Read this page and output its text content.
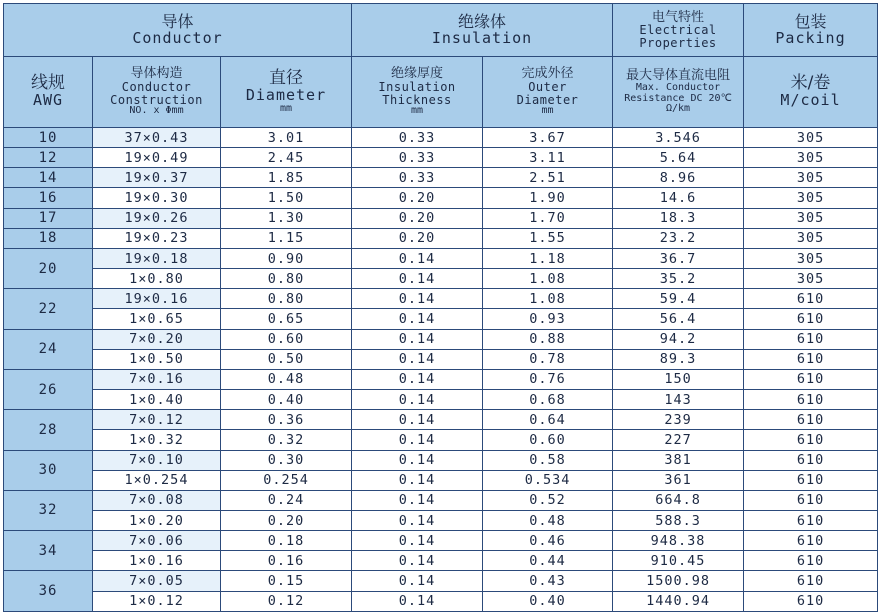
导体
Conductor			绝缘体
Insulation		电气特性
Electrical
Properties	包装
Packing

线规
AWG	导体构造
Conductor
Construction
NO. x Φmm	直径
Diameter
mm	绝缘厚度
Insulation
Thickness
mm	完成外径
Outer
Diameter
mm	最大导体直流电阻
Max. Conductor
Resistance DC 20℃
Ω/km	米/卷
M/coil

10	37×0.43	3.01	0.33	3.67	3.546	305
12	19×0.49	2.45	0.33	3.11	5.64	305
14	19×0.37	1.85	0.33	2.51	8.96	305
16	19×0.30	1.50	0.20	1.90	14.6	305
17	19×0.26	1.30	0.20	1.70	18.3	305
18	19×0.23	1.15	0.20	1.55	23.2	305
20	19×0.18	0.90	0.14	1.18	36.7	305
	1×0.80	0.80	0.14	1.08	35.2	305
22	19×0.16	0.80	0.14	1.08	59.4	610
	1×0.65	0.65	0.14	0.93	56.4	610
24	7×0.20	0.60	0.14	0.88	94.2	610
	1×0.50	0.50	0.14	0.78	89.3	610
26	7×0.16	0.48	0.14	0.76	150	610
	1×0.40	0.40	0.14	0.68	143	610
28	7×0.12	0.36	0.14	0.64	239	610
	1×0.32	0.32	0.14	0.60	227	610
30	7×0.10	0.30	0.14	0.58	381	610
	1×0.254	0.254	0.14	0.534	361	610
32	7×0.08	0.24	0.14	0.52	664.8	610
	1×0.20	0.20	0.14	0.48	588.3	610
34	7×0.06	0.18	0.14	0.46	948.38	610
	1×0.16	0.16	0.14	0.44	910.45	610
36	7×0.05	0.15	0.14	0.43	1500.98	610
	1×0.12	0.12	0.14	0.40	1440.94	610
